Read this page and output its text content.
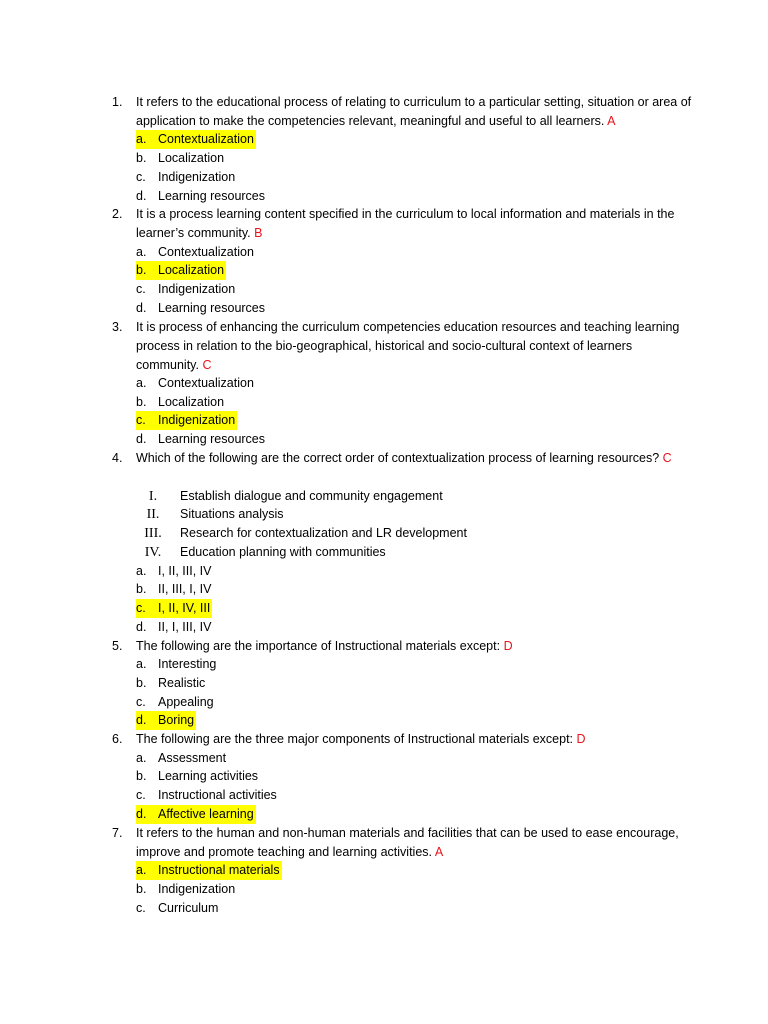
1. It refers to the educational process of relating to curriculum to a particular setting, situation or area of application to make the competencies relevant, meaningful and useful to all learners. A
a. Contextualization
b. Localization
c. Indigenization
d. Learning resources
2. It is a process learning content specified in the curriculum to local information and materials in the learner’s community. B
a. Contextualization
b. Localization
c. Indigenization
d. Learning resources
3. It is process of enhancing the curriculum competencies education resources and teaching learning process in relation to the bio-geographical, historical and socio-cultural context of learners community. C
a. Contextualization
b. Localization
c. Indigenization
d. Learning resources
4. Which of the following are the correct order of contextualization process of learning resources? C
I. Establish dialogue and community engagement
II. Situations analysis
III. Research for contextualization and LR development
IV. Education planning with communities
a. I, II, III, IV
b. II, III, I, IV
c. I, II, IV, III
d. II, I, III, IV
5. The following are the importance of Instructional materials except: D
a. Interesting
b. Realistic
c. Appealing
d. Boring
6. The following are the three major components of Instructional materials except: D
a. Assessment
b. Learning activities
c. Instructional activities
d. Affective learning
7. It refers to the human and non-human materials and facilities that can be used to ease encourage, improve and promote teaching and learning activities. A
a. Instructional materials
b. Indigenization
c. Curriculum
